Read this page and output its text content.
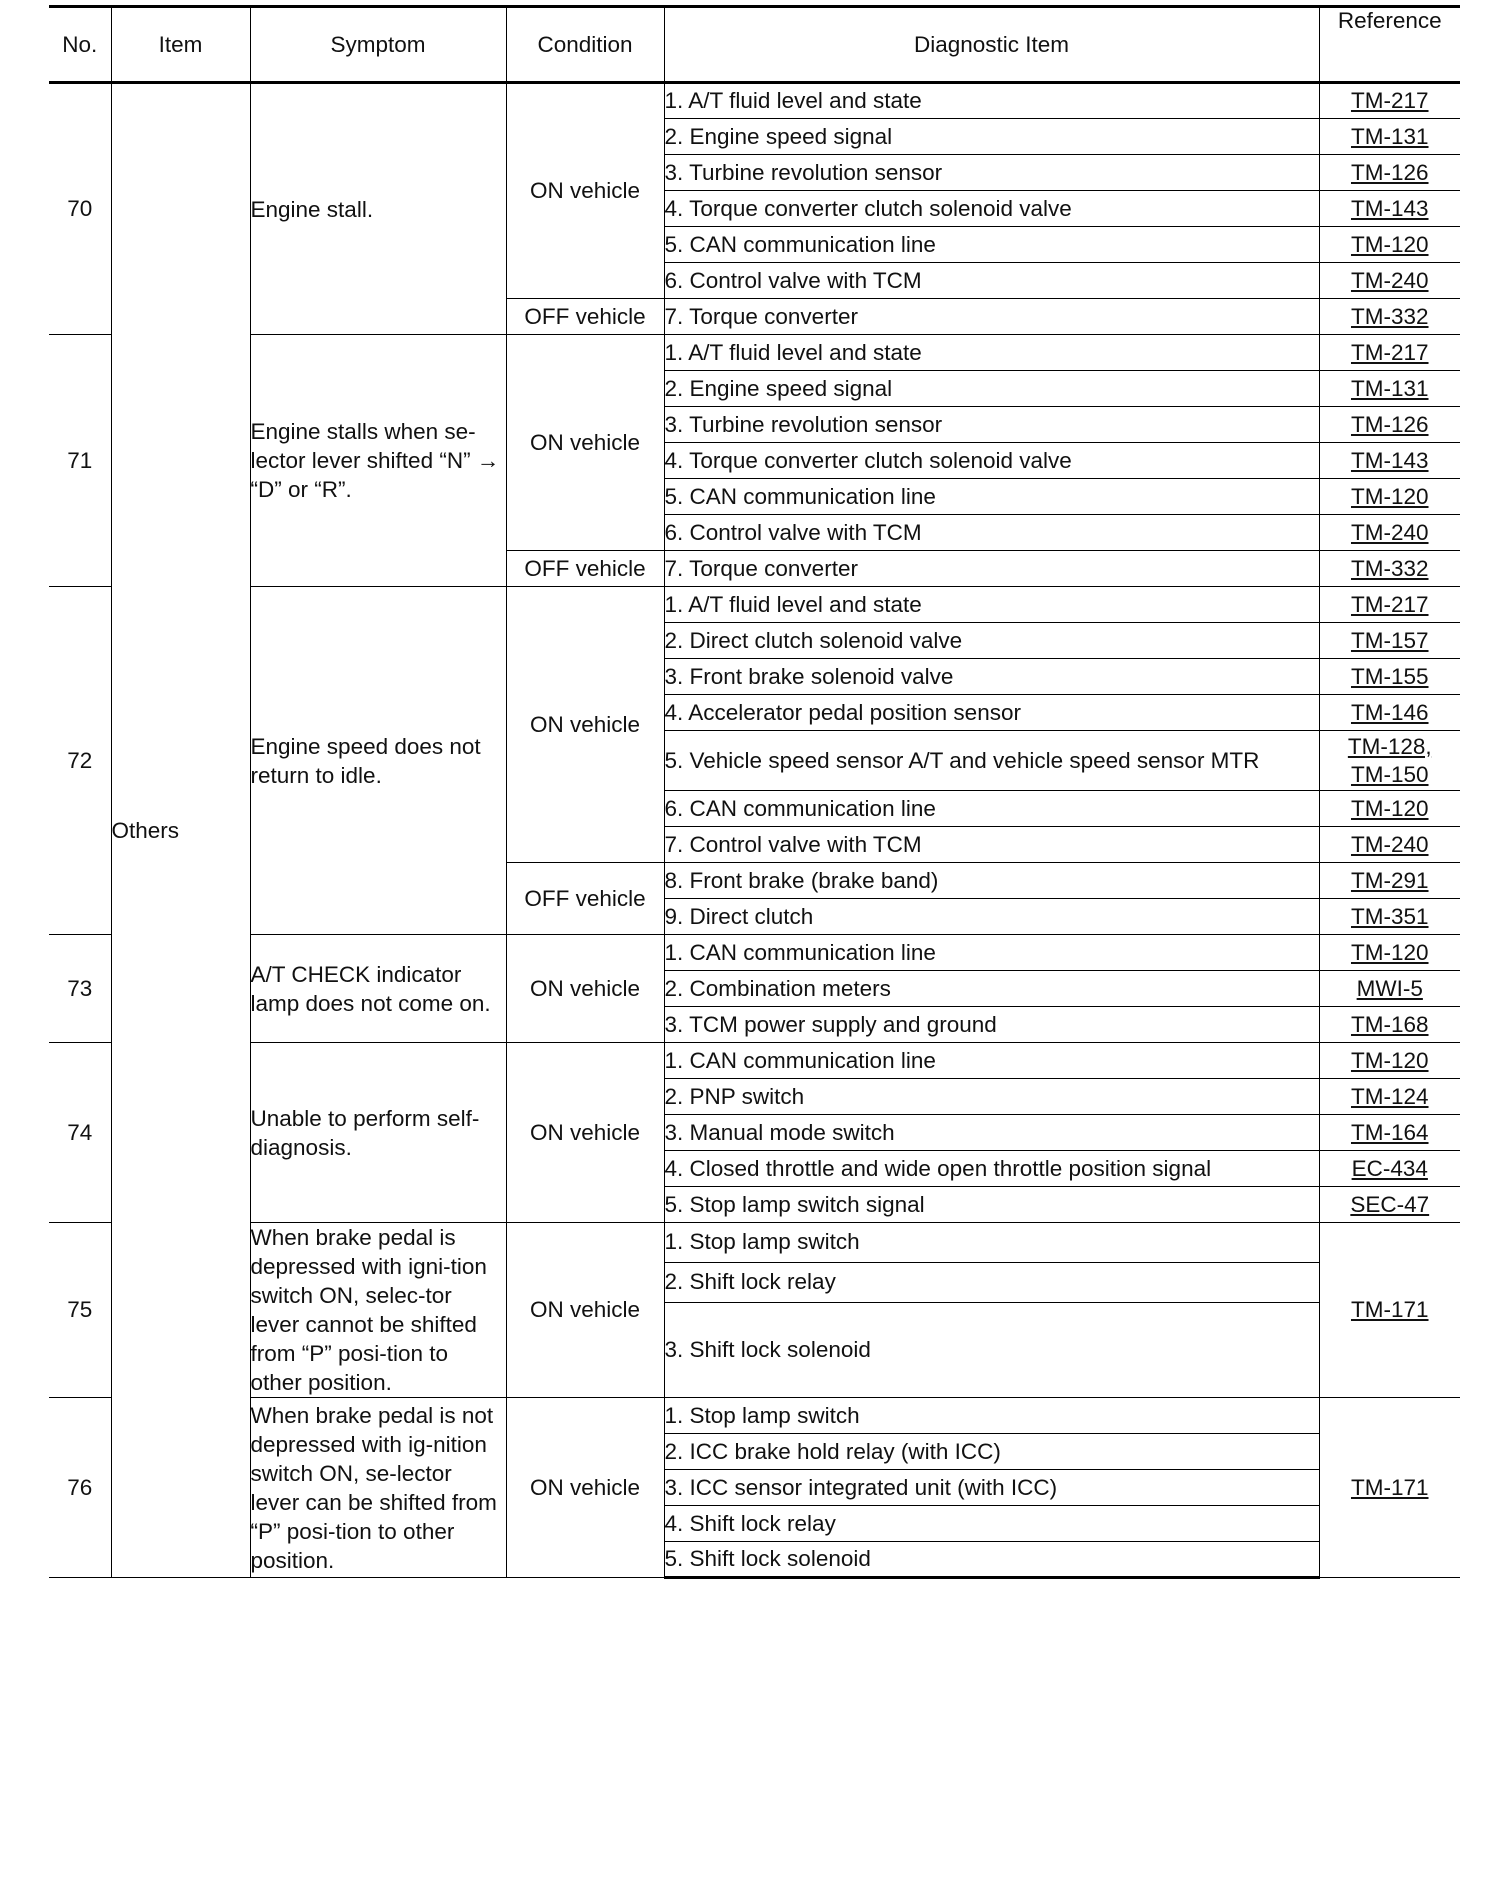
No.	Item	Symptom	Condition	Diagnostic Item	Reference
70	Others	Engine stall.	ON vehicle	1. A/T fluid level and state	TM-217
				2. Engine speed signal	TM-131
				3. Turbine revolution sensor	TM-126
				4. Torque converter clutch solenoid valve	TM-143
				5. CAN communication line	TM-120
				6. Control valve with TCM	TM-240
			OFF vehicle	7. Torque converter	TM-332
71		Engine stalls when se-lector lever shifted “N” → “D” or “R”.	ON vehicle	1. A/T fluid level and state	TM-217
				2. Engine speed signal	TM-131
				3. Turbine revolution sensor	TM-126
				4. Torque converter clutch solenoid valve	TM-143
				5. CAN communication line	TM-120
				6. Control valve with TCM	TM-240
			OFF vehicle	7. Torque converter	TM-332
72		Engine speed does not return to idle.	ON vehicle	1. A/T fluid level and state	TM-217
				2. Direct clutch solenoid valve	TM-157
				3. Front brake solenoid valve	TM-155
				4. Accelerator pedal position sensor	TM-146
				5. Vehicle speed sensor A/T and vehicle speed sensor MTR	TM-128,
TM-150
				6. CAN communication line	TM-120
				7. Control valve with TCM	TM-240
			OFF vehicle	8. Front brake (brake band)	TM-291
				9. Direct clutch	TM-351
73		A/T CHECK indicator lamp does not come on.	ON vehicle	1. CAN communication line	TM-120
				2. Combination meters	MWI-5
				3. TCM power supply and ground	TM-168
74		Unable to perform self-diagnosis.	ON vehicle	1. CAN communication line	TM-120
				2. PNP switch	TM-124
				3. Manual mode switch	TM-164
				4. Closed throttle and wide open throttle position signal	EC-434
				5. Stop lamp switch signal	SEC-47
75		When brake pedal is depressed with igni-tion switch ON, selec-tor lever cannot be shifted from “P” posi-tion to other position.	ON vehicle	1. Stop lamp switch	TM-171
				2. Shift lock relay	
				3. Shift lock solenoid	
76		When brake pedal is not depressed with ig-nition switch ON, se-lector lever can be shifted from “P” posi-tion to other position.	ON vehicle	1. Stop lamp switch	TM-171
				2. ICC brake hold relay (with ICC)	
				3. ICC sensor integrated unit (with ICC)	
				4. Shift lock relay	
				5. Shift lock solenoid	
